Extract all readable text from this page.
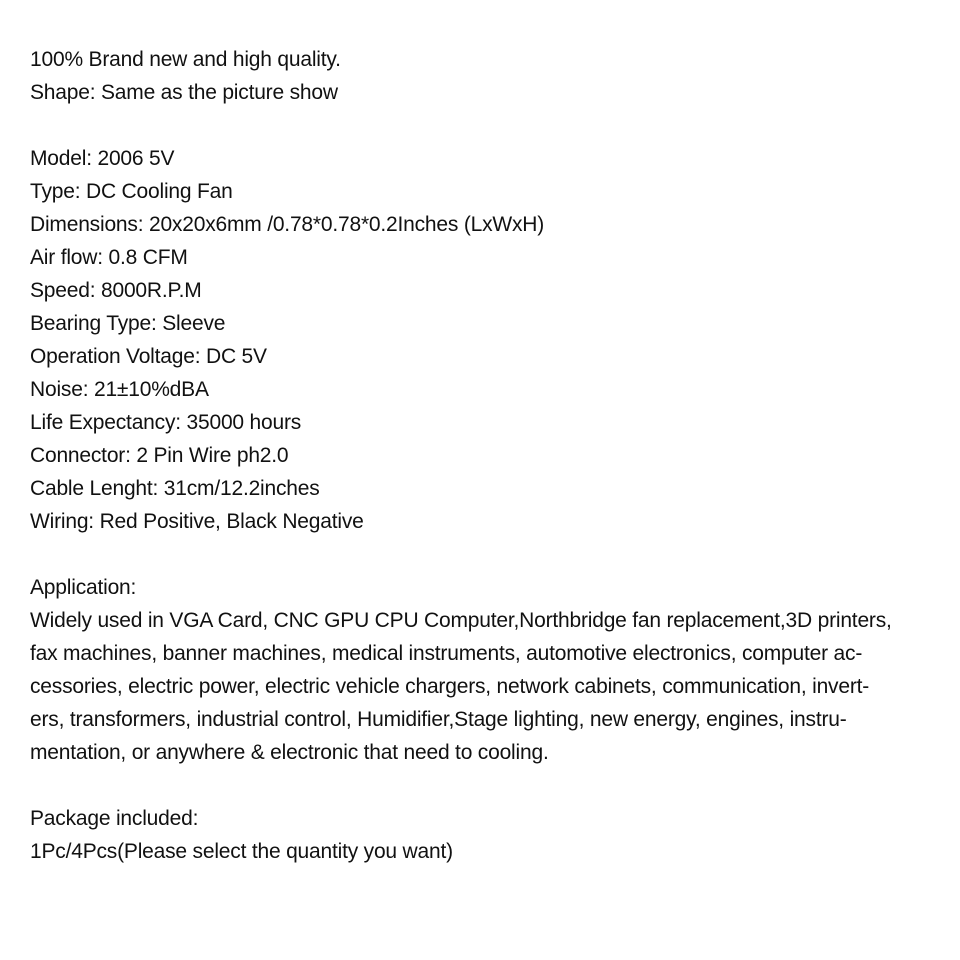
100% Brand new and high quality.
Shape: Same as the picture show
Model: 2006 5V
Type: DC Cooling Fan
Dimensions: 20x20x6mm /0.78*0.78*0.2Inches (LxWxH)
Air flow: 0.8 CFM
Speed: 8000R.P.M
Bearing Type: Sleeve
Operation Voltage: DC 5V
Noise: 21±10%dBA
Life Expectancy: 35000 hours
Connector: 2 Pin Wire ph2.0
Cable Lenght: 31cm/12.2inches
Wiring: Red Positive, Black Negative
Application:
Widely used in VGA Card, CNC GPU CPU Computer,Northbridge fan replacement,3D printers,
fax machines, banner machines, medical instruments, automotive electronics, computer ac-
cessories, electric power, electric vehicle chargers, network cabinets, communication, invert-
ers, transformers, industrial control, Humidifier,Stage lighting, new energy, engines, instru-
mentation, or anywhere & electronic that need to cooling.
Package included:
1Pc/4Pcs(Please select the quantity you want)
